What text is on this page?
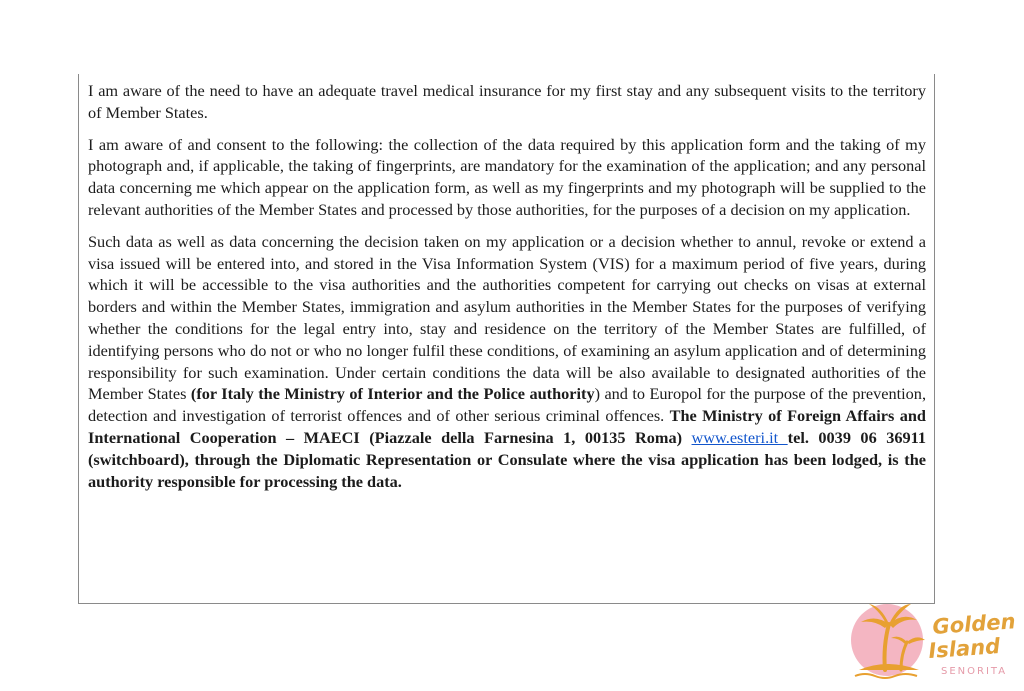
I am aware of the need to have an adequate travel medical insurance for my first stay and any subsequent visits to the territory of Member States.

I am aware of and consent to the following: the collection of the data required by this application form and the taking of my photograph and, if applicable, the taking of fingerprints, are mandatory for the examination of the application; and any personal data concerning me which appear on the application form, as well as my fingerprints and my photograph will be supplied to the relevant authorities of the Member States and processed by those authorities, for the purposes of a decision on my application.

Such data as well as data concerning the decision taken on my application or a decision whether to annul, revoke or extend a visa issued will be entered into, and stored in the Visa Information System (VIS) for a maximum period of five years, during which it will be accessible to the visa authorities and the authorities competent for carrying out checks on visas at external borders and within the Member States, immigration and asylum authorities in the Member States for the purposes of verifying whether the conditions for the legal entry into, stay and residence on the territory of the Member States are fulfilled, of identifying persons who do not or who no longer fulfil these conditions, of examining an asylum application and of determining responsibility for such examination. Under certain conditions the data will be also available to designated authorities of the Member States (for Italy the Ministry of Interior and the Police authority) and to Europol for the purpose of the prevention, detection and investigation of terrorist offences and of other serious criminal offences. The Ministry of Foreign Affairs and International Cooperation – MAECI (Piazzale della Farnesina 1, 00135 Roma) www.esteri.it tel. 0039 06 36911 (switchboard), through the Diplomatic Representation or Consulate where the visa application has been lodged, is the authority responsible for processing the data.

Golden
Island
SENORITA
